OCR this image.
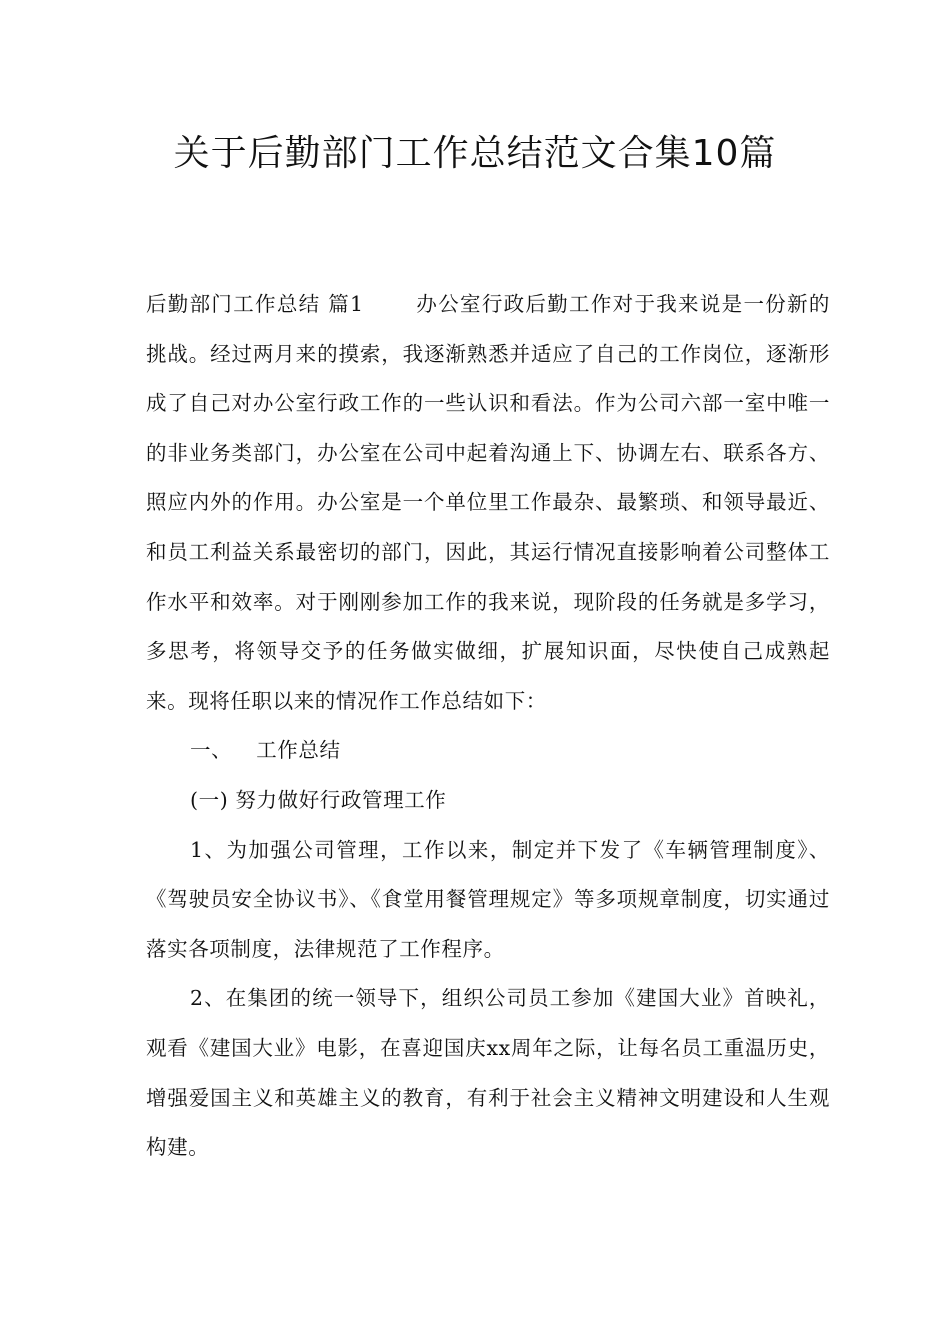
关于后勤部门工作总结范文合集10篇

后勤部门工作总结 篇1	办公室行政后勤工作对于我来说是一份新的挑战。经过两月来的摸索，我逐渐熟悉并适应了自己的工作岗位，逐渐形成了自己对办公室行政工作的一些认识和看法。作为公司六部一室中唯一的非业务类部门，办公室在公司中起着沟通上下、协调左右、联系各方、照应内外的作用。办公室是一个单位里工作最杂、最繁琐、和领导最近、和员工利益关系最密切的部门，因此，其运行情况直接影响着公司整体工作水平和效率。对于刚刚参加工作的我来说，现阶段的任务就是多学习，多思考，将领导交予的任务做实做细，扩展知识面，尽快使自己成熟起来。现将任职以来的情况作工作总结如下：

一、 工作总结

(一) 努力做好行政管理工作

1、为加强公司管理，工作以来，制定并下发了《车辆管理制度》、《驾驶员安全协议书》、《食堂用餐管理规定》等多项规章制度，切实通过落实各项制度，法律规范了工作程序。

2、在集团的统一领导下，组织公司员工参加《建国大业》首映礼，观看《建国大业》电影，在喜迎国庆xx周年之际，让每名员工重温历史，增强爱国主义和英雄主义的教育，有利于社会主义精神文明建设和人生观构建。
